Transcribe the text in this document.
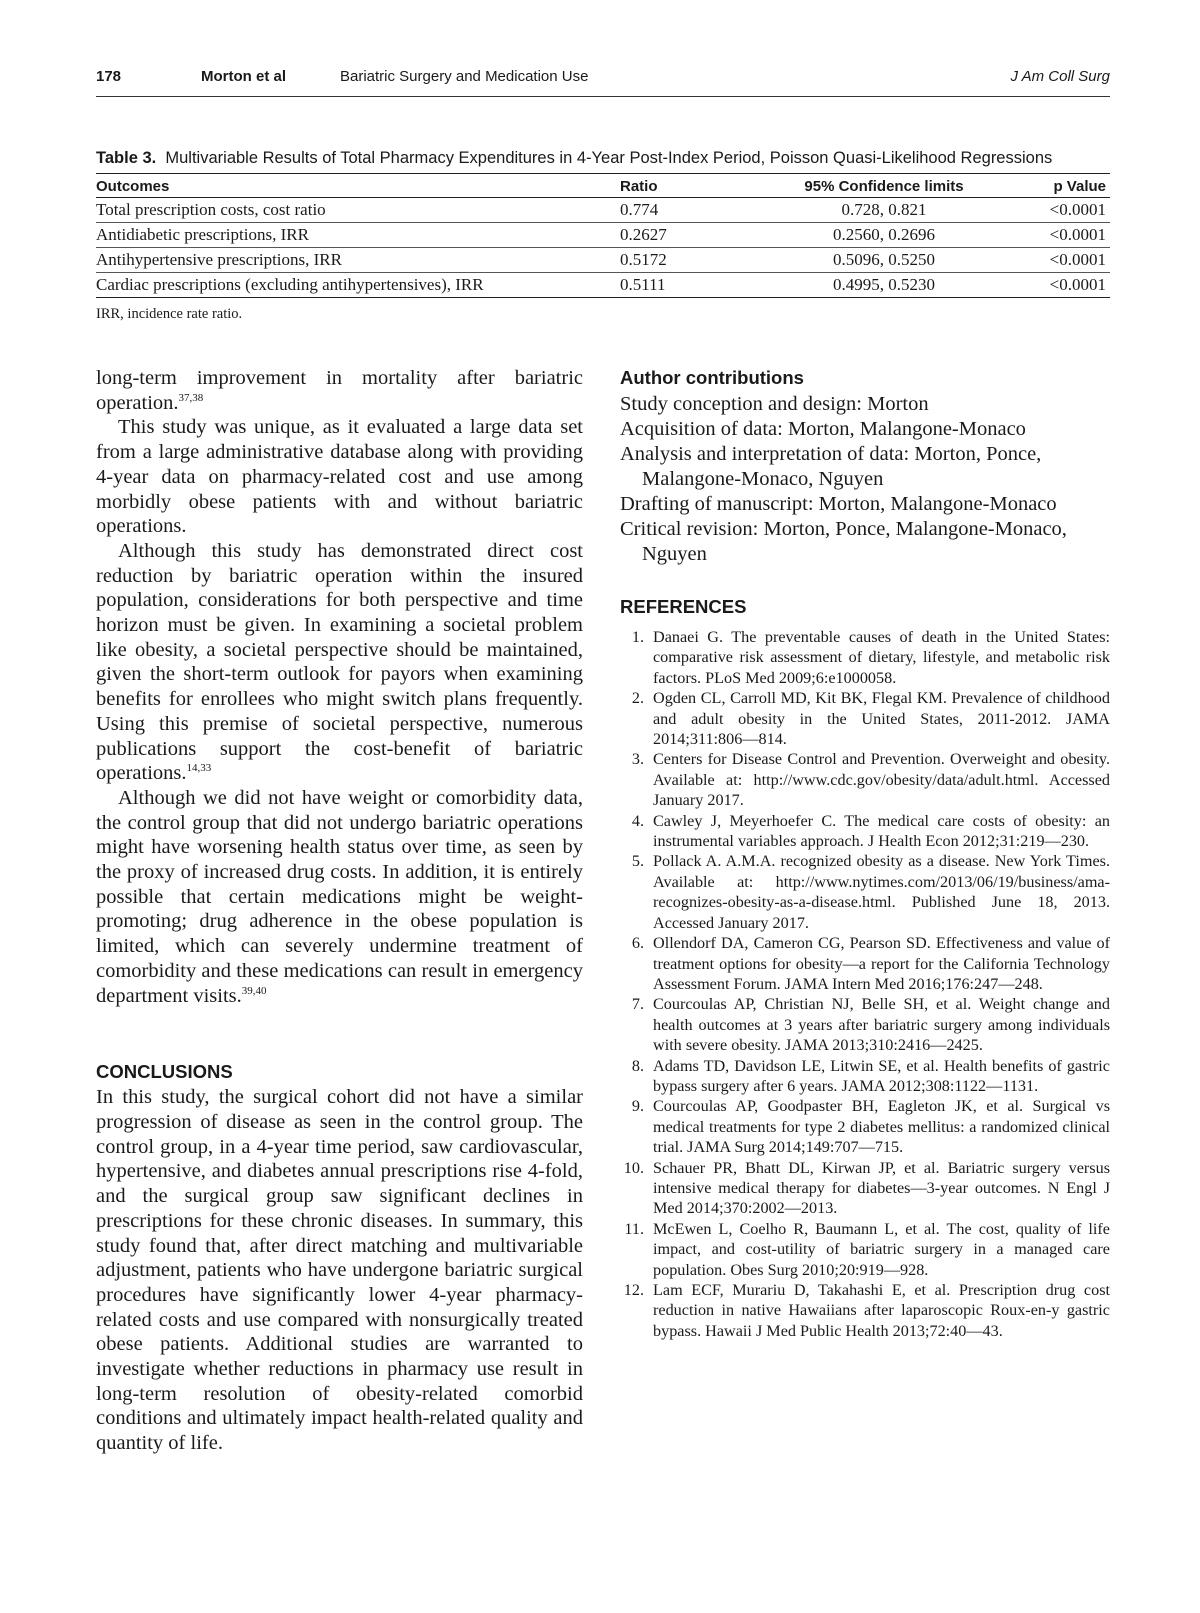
178	Morton et al	Bariatric Surgery and Medication Use	J Am Coll Surg

Table 3. Multivariable Results of Total Pharmacy Expenditures in 4-Year Post-Index Period, Poisson Quasi-Likelihood Regressions

Outcomes	Ratio	95% Confidence limits	p Value
Total prescription costs, cost ratio	0.774	0.728, 0.821	<0.0001
Antidiabetic prescriptions, IRR	0.2627	0.2560, 0.2696	<0.0001
Antihypertensive prescriptions, IRR	0.5172	0.5096, 0.5250	<0.0001
Cardiac prescriptions (excluding antihypertensives), IRR	0.5111	0.4995, 0.5230	<0.0001
IRR, incidence rate ratio.

long-term improvement in mortality after bariatric operation.$^{37,38}$

This study was unique, as it evaluated a large data set from a large administrative database along with providing 4-year data on pharmacy-related cost and use among morbidly obese patients with and without bariatric operations.

Although this study has demonstrated direct cost reduction by bariatric operation within the insured population, considerations for both perspective and time horizon must be given. In examining a societal problem like obesity, a societal perspective should be maintained, given the short-term outlook for payors when examining benefits for enrollees who might switch plans frequently. Using this premise of societal perspective, numerous publications support the cost-benefit of bariatric operations.$^{14,33}$

Although we did not have weight or comorbidity data, the control group that did not undergo bariatric operations might have worsening health status over time, as seen by the proxy of increased drug costs. In addition, it is entirely possible that certain medications might be weight-promoting; drug adherence in the obese population is limited, which can severely undermine treatment of comorbidity and these medications can result in emergency department visits.$^{39,40}$

CONCLUSIONS

In this study, the surgical cohort did not have a similar progression of disease as seen in the control group. The control group, in a 4-year time period, saw cardiovascular, hypertensive, and diabetes annual prescriptions rise 4-fold, and the surgical group saw significant declines in prescriptions for these chronic diseases. In summary, this study found that, after direct matching and multivariable adjustment, patients who have undergone bariatric surgical procedures have significantly lower 4-year pharmacy-related costs and use compared with nonsurgically treated obese patients. Additional studies are warranted to investigate whether reductions in pharmacy use result in long-term resolution of obesity-related comorbid conditions and ultimately impact health-related quality and quantity of life.

Author contributions
Study conception and design: Morton
Acquisition of data: Morton, Malangone-Monaco
Analysis and interpretation of data: Morton, Ponce, Malangone-Monaco, Nguyen
Drafting of manuscript: Morton, Malangone-Monaco
Critical revision: Morton, Ponce, Malangone-Monaco, Nguyen
REFERENCES
1. Danaei G. The preventable causes of death in the United States: comparative risk assessment of dietary, lifestyle, and metabolic risk factors. PLoS Med 2009;6:e1000058.
2. Ogden CL, Carroll MD, Kit BK, Flegal KM. Prevalence of childhood and adult obesity in the United States, 2011-2012. JAMA 2014;311:806—814.
3. Centers for Disease Control and Prevention. Overweight and obesity. Available at: http://www.cdc.gov/obesity/data/adult.html. Accessed January 2017.
4. Cawley J, Meyerhoefer C. The medical care costs of obesity: an instrumental variables approach. J Health Econ 2012;31:219—230.
5. Pollack A. A.M.A. recognized obesity as a disease. New York Times. Available at: http://www.nytimes.com/2013/06/19/business/ama-recognizes-obesity-as-a-disease.html. Published June 18, 2013. Accessed January 2017.
6. Ollendorf DA, Cameron CG, Pearson SD. Effectiveness and value of treatment options for obesity—a report for the California Technology Assessment Forum. JAMA Intern Med 2016;176:247—248.
7. Courcoulas AP, Christian NJ, Belle SH, et al. Weight change and health outcomes at 3 years after bariatric surgery among individuals with severe obesity. JAMA 2013;310:2416—2425.
8. Adams TD, Davidson LE, Litwin SE, et al. Health benefits of gastric bypass surgery after 6 years. JAMA 2012;308:1122—1131.
9. Courcoulas AP, Goodpaster BH, Eagleton JK, et al. Surgical vs medical treatments for type 2 diabetes mellitus: a randomized clinical trial. JAMA Surg 2014;149:707—715.
10. Schauer PR, Bhatt DL, Kirwan JP, et al. Bariatric surgery versus intensive medical therapy for diabetes—3-year outcomes. N Engl J Med 2014;370:2002—2013.
11. McEwen L, Coelho R, Baumann L, et al. The cost, quality of life impact, and cost-utility of bariatric surgery in a managed care population. Obes Surg 2010;20:919—928.
12. Lam ECF, Murariu D, Takahashi E, et al. Prescription drug cost reduction in native Hawaiians after laparoscopic Roux-en-y gastric bypass. Hawaii J Med Public Health 2013;72:40—43.
